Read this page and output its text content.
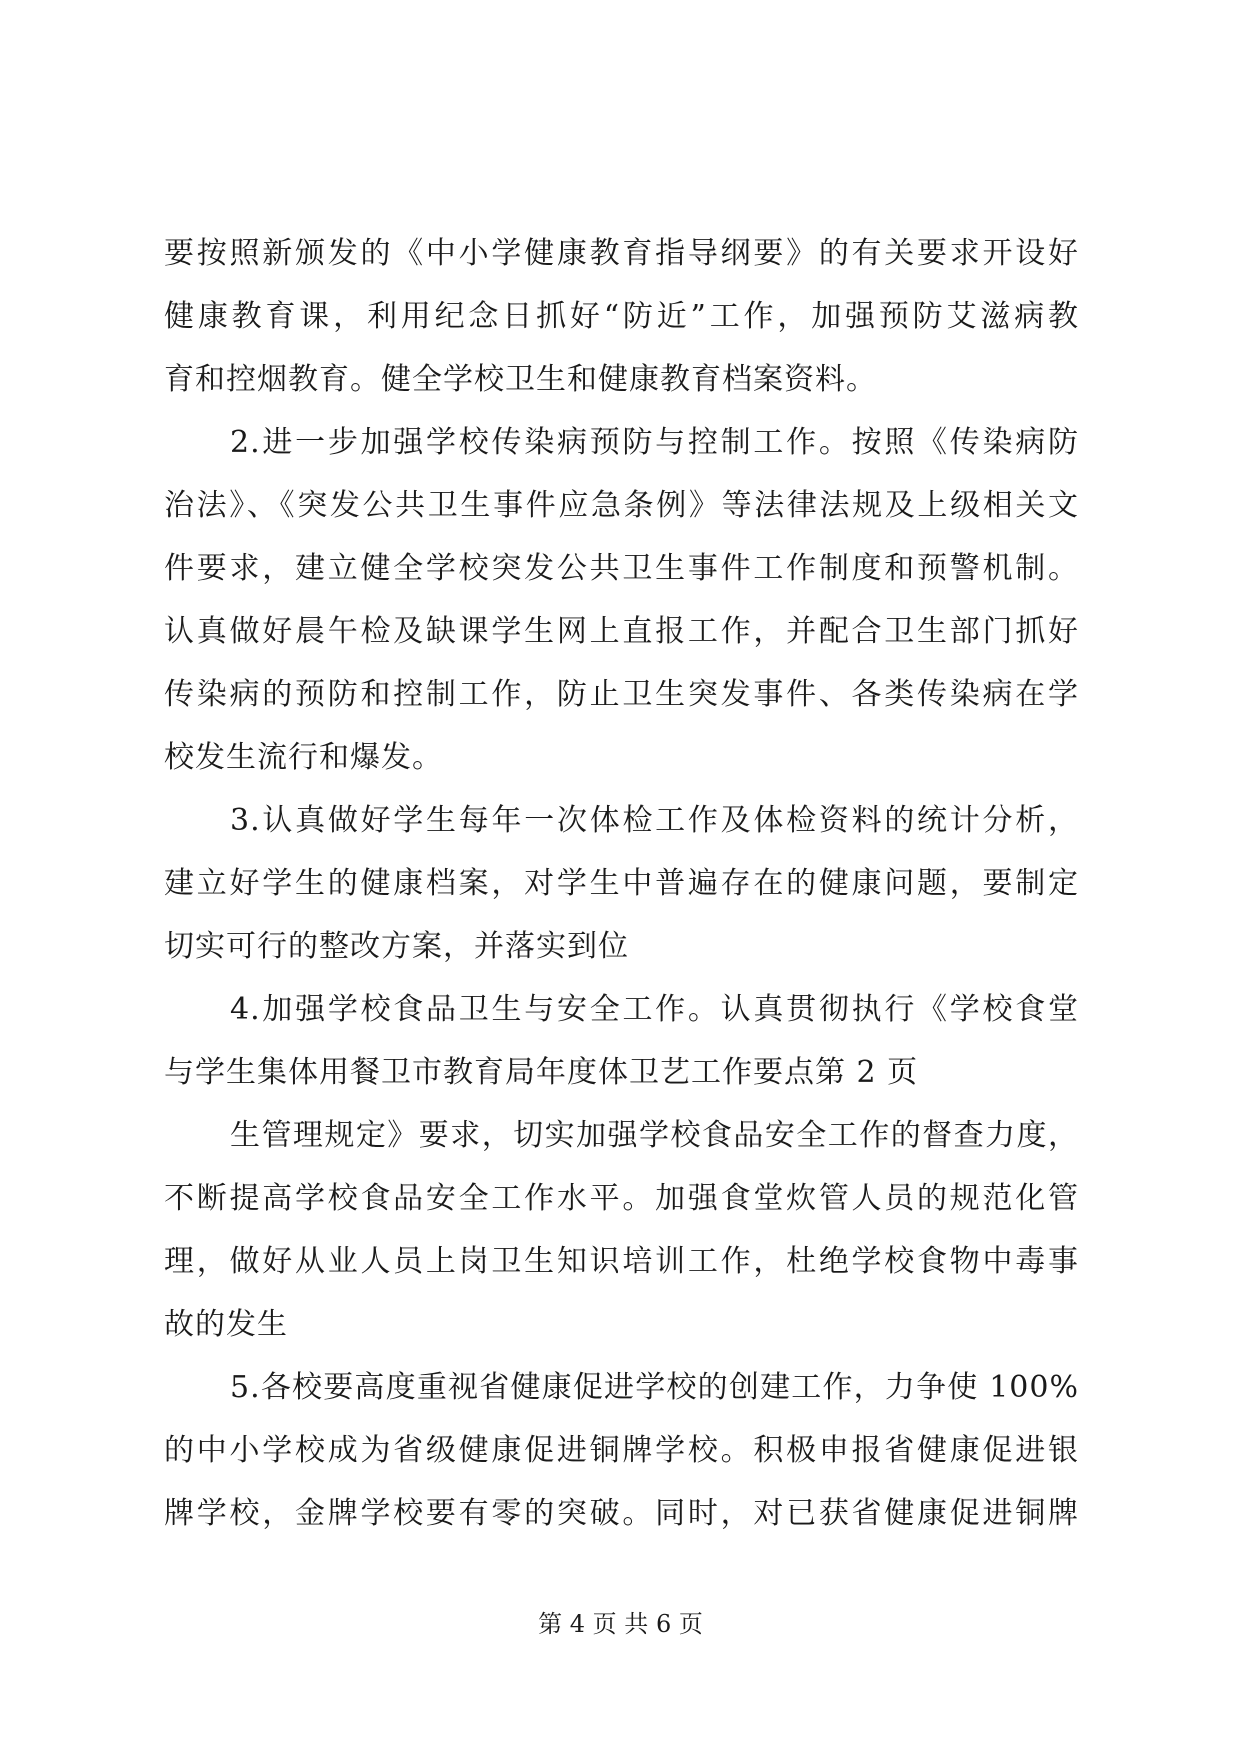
要按照新颁发的《中小学健康教育指导纲要》的有关要求开设好
健康教育课，利用纪念日抓好“防近”工作，加强预防艾滋病教
育和控烟教育。健全学校卫生和健康教育档案资料。
2.进一步加强学校传染病预防与控制工作。按照《传染病防
治法》、《突发公共卫生事件应急条例》等法律法规及上级相关文
件要求，建立健全学校突发公共卫生事件工作制度和预警机制。
认真做好晨午检及缺课学生网上直报工作，并配合卫生部门抓好
传染病的预防和控制工作，防止卫生突发事件、各类传染病在学
校发生流行和爆发。
3.认真做好学生每年一次体检工作及体检资料的统计分析，
建立好学生的健康档案，对学生中普遍存在的健康问题，要制定
切实可行的整改方案，并落实到位
4.加强学校食品卫生与安全工作。认真贯彻执行《学校食堂
与学生集体用餐卫市教育局年度体卫艺工作要点第 2 页
生管理规定》要求，切实加强学校食品安全工作的督查力度，
不断提高学校食品安全工作水平。加强食堂炊管人员的规范化管
理，做好从业人员上岗卫生知识培训工作，杜绝学校食物中毒事
故的发生
5.各校要高度重视省健康促进学校的创建工作，力争使 100%
的中小学校成为省级健康促进铜牌学校。积极申报省健康促进银
牌学校，金牌学校要有零的突破。同时，对已获省健康促进铜牌
第 4 页 共 6 页
